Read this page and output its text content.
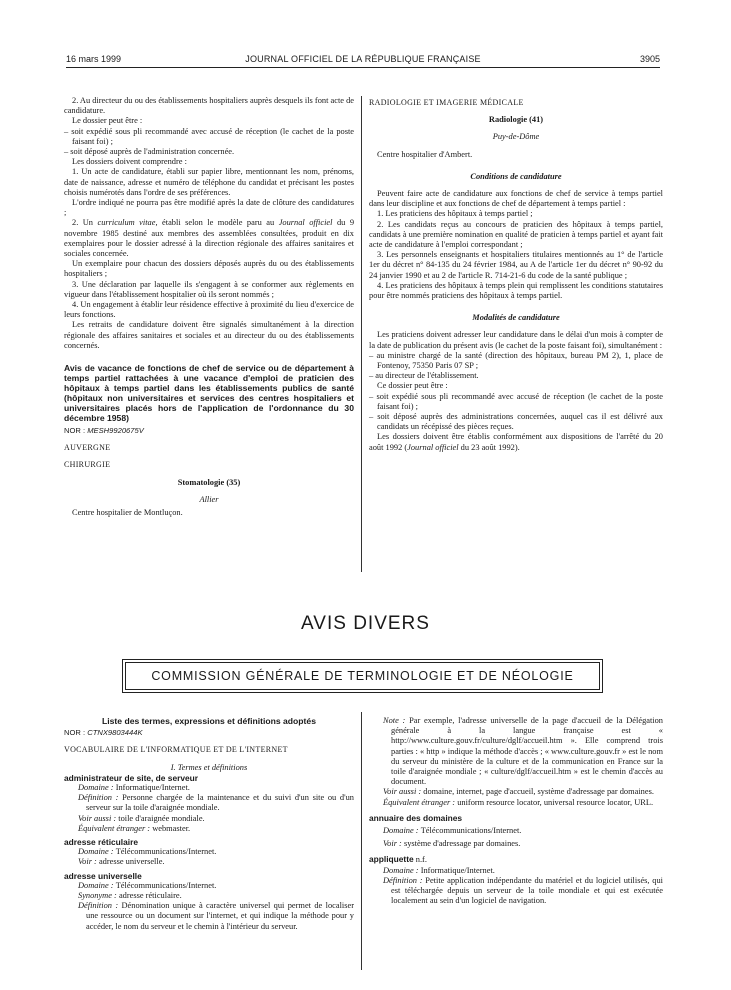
16 mars 1999	JOURNAL OFFICIEL DE LA RÉPUBLIQUE FRANÇAISE	3905

2. Au directeur du ou des établissements hospitaliers auprès desquels ils font acte de candidature.

Le dossier peut être :

– soit expédié sous pli recommandé avec accusé de réception (le cachet de la poste faisant foi) ;

– soit déposé auprès de l'administration concernée.

Les dossiers doivent comprendre :

1. Un acte de candidature, établi sur papier libre, mentionnant les nom, prénoms, date de naissance, adresse et numéro de téléphone du candidat et précisant les postes choisis numérotés dans l'ordre de ses préférences.

L'ordre indiqué ne pourra pas être modifié après la date de clôture des candidatures ;

2. Un curriculum vitae, établi selon le modèle paru au Journal officiel du 9 novembre 1985 destiné aux membres des assemblées consultées, produit en dix exemplaires pour le dossier adressé à la direction régionale des affaires sanitaires et sociales concernée.

Un exemplaire pour chacun des dossiers déposés auprès du ou des établissements hospitaliers ;

3. Une déclaration par laquelle ils s'engagent à se conformer aux règlements en vigueur dans l'établissement hospitalier où ils seront nommés ;

4. Un engagement à établir leur résidence effective à proximité du lieu d'exercice de leurs fonctions.

Les retraits de candidature doivent être signalés simultanément à la direction régionale des affaires sanitaires et sociales et au directeur du ou des établissements concernés.

Avis de vacance de fonctions de chef de service ou de département à temps partiel rattachées à une vacance d'emploi de praticien des hôpitaux à temps partiel dans les établissements publics de santé (hôpitaux non universitaires et services des centres hospitaliers et universitaires placés hors de l'application de l'ordonnance du 30 décembre 1958)

NOR : MESH9920675V

AUVERGNE

CHIRURGIE

Stomatologie (35)

Allier

Centre hospitalier de Montluçon.

RADIOLOGIE ET IMAGERIE MÉDICALE

Radiologie (41)

Puy-de-Dôme

Centre hospitalier d'Ambert.

Conditions de candidature

Peuvent faire acte de candidature aux fonctions de chef de service à temps partiel dans leur discipline et aux fonctions de chef de département à temps partiel :

1. Les praticiens des hôpitaux à temps partiel ;

2. Les candidats reçus au concours de praticien des hôpitaux à temps partiel, candidats à une première nomination en qualité de praticien à temps partiel et ayant fait acte de candidature à l'emploi correspondant ;

3. Les personnels enseignants et hospitaliers titulaires mentionnés au 1° de l'article 1er du décret n° 84-135 du 24 février 1984, au A de l'article 1er du décret n° 90-92 du 24 janvier 1990 et au 2 de l'article R. 714-21-6 du code de la santé publique ;

4. Les praticiens des hôpitaux à temps plein qui remplissent les conditions statutaires pour être nommés praticiens des hôpitaux à temps partiel.

Modalités de candidature

Les praticiens doivent adresser leur candidature dans le délai d'un mois à compter de la date de publication du présent avis (le cachet de la poste faisant foi), simultanément :

– au ministre chargé de la santé (direction des hôpitaux, bureau PM 2), 1, place de Fontenoy, 75350 Paris 07 SP ;

– au directeur de l'établissement.

Ce dossier peut être :

– soit expédié sous pli recommandé avec accusé de réception (le cachet de la poste faisant foi) ;

– soit déposé auprès des administrations concernées, auquel cas il est délivré aux candidats un récépissé des pièces reçues.

Les dossiers doivent être établis conformément aux dispositions de l'arrêté du 20 août 1992 (Journal officiel du 23 août 1992).

AVIS DIVERS
COMMISSION GÉNÉRALE DE TERMINOLOGIE ET DE NÉOLOGIE

Liste des termes, expressions et définitions adoptés

NOR : CTNX9803444K

VOCABULAIRE DE L'INFORMATIQUE ET DE L'INTERNET

I. Termes et définitions

administrateur de site, de serveur

Domaine : Informatique/Internet.

Définition : Personne chargée de la maintenance et du suivi d'un site ou d'un serveur sur la toile d'araignée mondiale.

Voir aussi : toile d'araignée mondiale.

Équivalent étranger : webmaster.

adresse réticulaire

Domaine : Télécommunications/Internet.

Voir : adresse universelle.

adresse universelle

Domaine : Télécommunications/Internet.

Synonyme : adresse réticulaire.

Définition : Dénomination unique à caractère universel qui permet de localiser une ressource ou un document sur l'internet, et qui indique la méthode pour y accéder, le nom du serveur et le chemin à l'intérieur du serveur.

Note : Par exemple, l'adresse universelle de la page d'accueil de la Délégation générale à la langue française est « http://www.culture.gouv.fr/culture/dglf/accueil.htm ». Elle comprend trois parties : « http » indique la méthode d'accès ; « www.culture.gouv.fr » est le nom du serveur du ministère de la culture et de la communication en France sur la toile d'araignée mondiale ; « culture/dglf/accueil.htm » est le chemin d'accès au document.

Voir aussi : domaine, internet, page d'accueil, système d'adressage par domaines.

Équivalent étranger : uniform resource locator, universal resource locator, URL.

annuaire des domaines

Domaine : Télécommunications/Internet.

Voir : système d'adressage par domaines.

appliquette n.f.

Domaine : Informatique/Internet.

Définition : Petite application indépendante du matériel et du logiciel utilisés, qui est téléchargée depuis un serveur de la toile mondiale et qui est exécutée localement au sein d'un logiciel de navigation.
